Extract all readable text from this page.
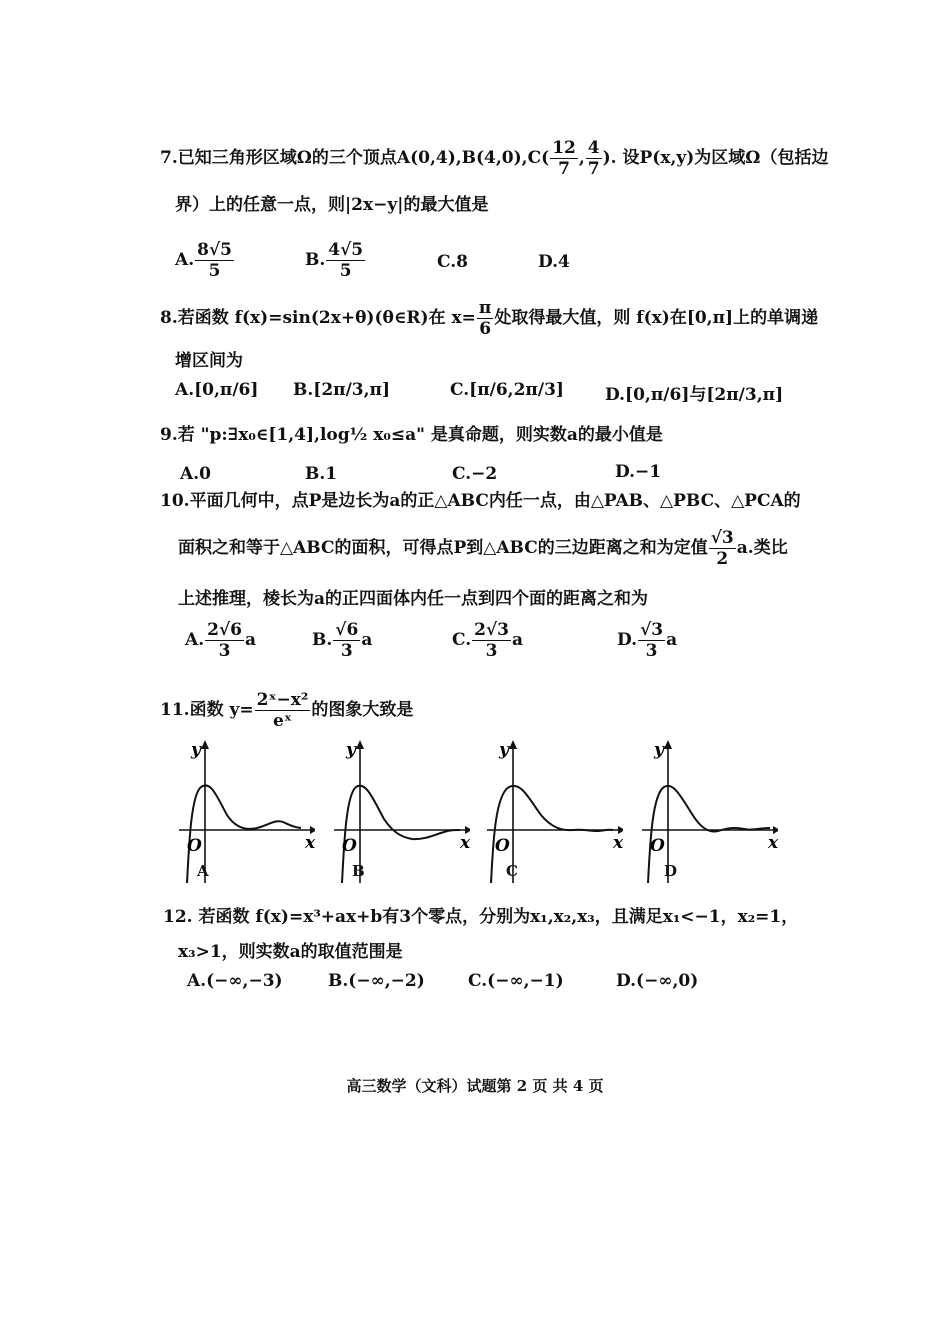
7.已知三角形区域Ω的三个顶点$A(0,4),B(4,0),C( \frac{12}{7}$ , $\frac{4}{7}$ ). 设P(x,y)为区域Ω（包括边
界）上的任意一点，则|2x−y|的最大值是
A. $\frac{8√5}{5}$	B. $\frac{4√5}{5}$	C.8	D.4
8.若函数 f(x)=sin(2x+θ)(θ∈R)在 $x= \frac{\pi}{6}$ 处取得最大值，则 f(x)在[0,π]上的单调递
增区间为
A.[0,π/6] B.[2π/3,π]	C.[π/6,2π/3] D.[0,π/6]与[2π/3,π]
9.若 "p:∃x₀∈[1,4],log½ x₀≤a" 是真命题，则实数a的最小值是
A.0	B.1	C.−2	D.−1
10.平面几何中，点P是边长为a的正△ABC内任一点，由△PAB、△PBC、△PCA的
面积之和等于△ABC的面积，可得点P到△ABC的三边距离之和为定值 $\frac{√3}{2} a$.类比
上述推理，棱长为a的正四面体内任一点到四个面的距离之和为
A. $\frac{2√6}{3}$ a	B. $\frac{√6}{3}$ a	C. $\frac{2√3}{3}$ a	D. $\frac{√3}{3}$ a
11.函数 $y= \frac{\text{2ˣ−x²}}{\text{eˣ}}$ 的图象大致是
y
x
O
A
y
x
O
B
y
x
O
C
y
x
O
D
12. 若函数 f(x)=x³+ax+b有3个零点，分别为x₁,x₂,x₃，且满足x₁<−1，x₂=1，
x₃>1，则实数a的取值范围是
A.(−∞,−3)	B.(−∞,−2)	C.(−∞,−1)	D.(−∞,0)
高三数学（文科）试题第 2 页 共 4 页
